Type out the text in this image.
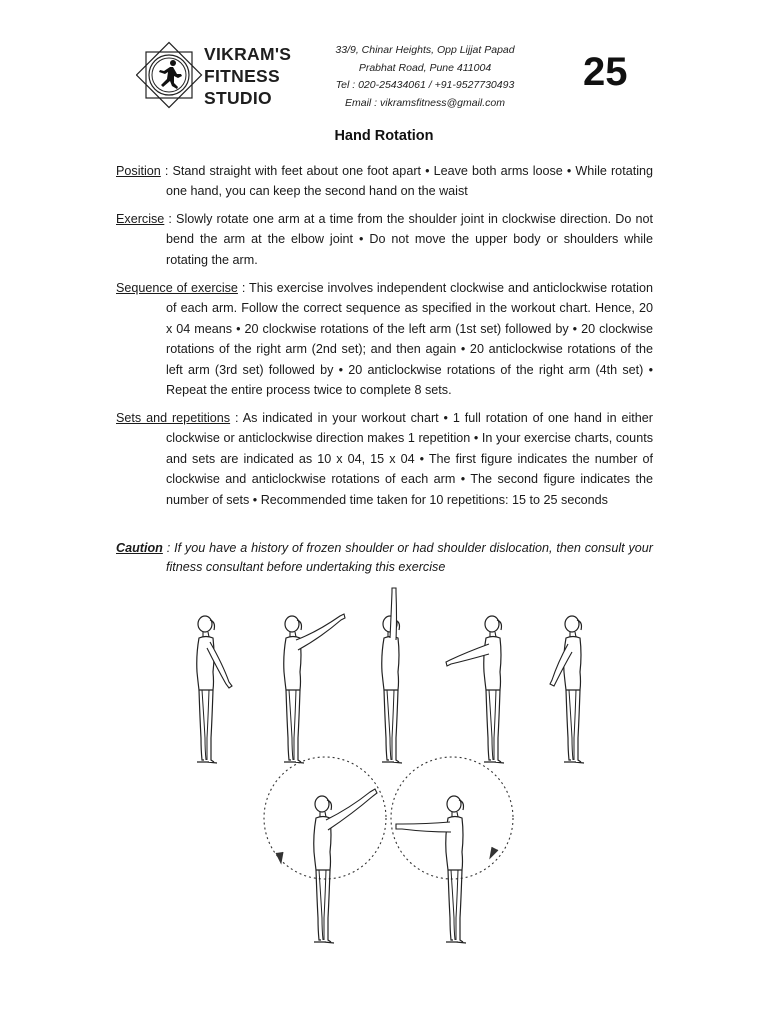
VIKRAM'S
FITNESS
STUDIO
33/9, Chinar Heights, Opp Lijjat Papad
Prabhat Road, Pune 411004
Tel : 020-25434061 / +91-9527730493
Email : vikramsfitness@gmail.com
25
Hand Rotation
Position : Stand straight with feet about one foot apart • Leave both arms loose • While rotating one hand, you can keep the second hand on the waist
Exercise : Slowly rotate one arm at a time from the shoulder joint in clockwise direction. Do not bend the arm at the elbow joint • Do not move the upper body or shoulders while rotating the arm.
Sequence of exercise : This exercise involves independent clockwise and anticlockwise rotation of each arm. Follow the correct sequence as specified in the workout chart. Hence, 20 x 04 means • 20 clockwise rotations of the left arm (1st set) followed by • 20 clockwise rotations of the right arm (2nd set); and then again • 20 anticlockwise rotations of the left arm (3rd set) followed by • 20 anticlockwise rotations of the right arm (4th set) • Repeat the entire process twice to complete 8 sets.
Sets and repetitions : As indicated in your workout chart • 1 full rotation of one hand in either clockwise or anticlockwise direction makes 1 repetition • In your exercise charts, counts and sets are indicated as 10 x 04, 15 x 04 • The first figure indicates the number of clockwise and anticlockwise rotations of each arm • The second figure indicates the number of sets • Recommended time taken for 10 repetitions: 15 to 25 seconds
Caution : If you have a history of frozen shoulder or had shoulder dislocation, then consult your fitness consultant before undertaking this exercise
